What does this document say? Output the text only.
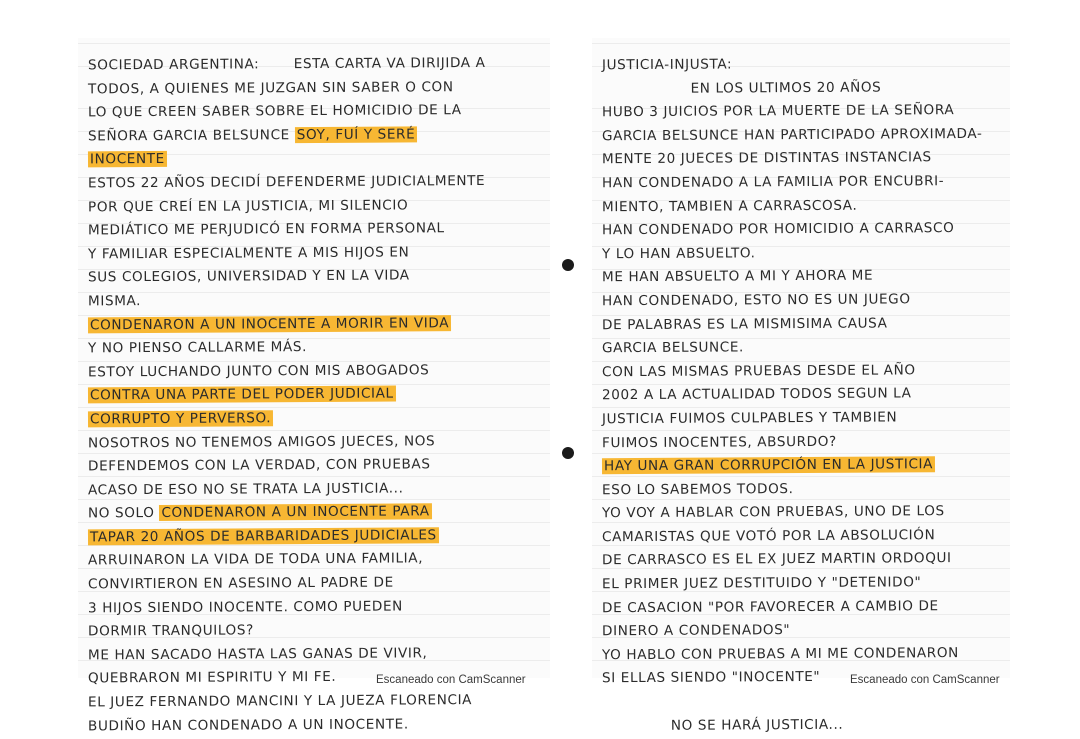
SOCIEDAD ARGENTINA:       ESTA CARTA VA DIRIJIDA A
TODOS, A QUIENES ME JUZGAN SIN SABER O CON
LO QUE CREEN SABER SOBRE EL HOMICIDIO DE LA
SEÑORA GARCIA BELSUNCE SOY, FUÍ Y SERÉ
INOCENTE
ESTOS 22 AÑOS DECIDÍ DEFENDERME JUDICIALMENTE
POR QUE CREÍ EN LA JUSTICIA, MI SILENCIO
MEDIÁTICO ME PERJUDICÓ EN FORMA PERSONAL
Y FAMILIAR ESPECIALMENTE A MIS HIJOS EN
SUS COLEGIOS, UNIVERSIDAD Y EN LA VIDA
MISMA.
CONDENARON A UN INOCENTE A MORIR EN VIDA
Y NO PIENSO CALLARME MÁS.
ESTOY LUCHANDO JUNTO CON MIS ABOGADOS
CONTRA UNA PARTE DEL PODER JUDICIAL
CORRUPTO Y PERVERSO.
NOSOTROS NO TENEMOS AMIGOS JUECES, NOS
DEFENDEMOS CON LA VERDAD, CON PRUEBAS
ACASO DE ESO NO SE TRATA LA JUSTICIA...
NO SOLO CONDENARON A UN INOCENTE PARA
TAPAR 20 AÑOS DE BARBARIDADES JUDICIALES
ARRUINARON LA VIDA DE TODA UNA FAMILIA,
CONVIRTIERON EN ASESINO AL PADRE DE
3 HIJOS SIENDO INOCENTE. COMO PUEDEN
DORMIR TRANQUILOS?
ME HAN SACADO HASTA LAS GANAS DE VIVIR,
QUEBRARON MI ESPIRITU Y MI FE.
EL JUEZ FERNANDO MANCINI Y LA JUEZA FLORENCIA
BUDIÑO HAN CONDENADO A UN INOCENTE.
JUSTICIA-INJUSTA:
EN LOS ULTIMOS 20 AÑOS
HUBO 3 JUICIOS POR LA MUERTE DE LA SEÑORA
GARCIA BELSUNCE HAN PARTICIPADO APROXIMADA-
MENTE 20 JUECES DE DISTINTAS INSTANCIAS
HAN CONDENADO A LA FAMILIA POR ENCUBRI-
MIENTO, TAMBIEN A CARRASCOSA.
HAN CONDENADO POR HOMICIDIO A CARRASCO
Y LO HAN ABSUELTO.
ME HAN ABSUELTO A MI Y AHORA ME
HAN CONDENADO, ESTO NO ES UN JUEGO
DE PALABRAS ES LA MISMISIMA CAUSA
GARCIA BELSUNCE.
CON LAS MISMAS PRUEBAS DESDE EL AÑO
2002 A LA ACTUALIDAD TODOS SEGUN LA
JUSTICIA FUIMOS CULPABLES Y TAMBIEN
FUIMOS INOCENTES, ABSURDO?
HAY UNA GRAN CORRUPCIÓN EN LA JUSTICIA
ESO LO SABEMOS TODOS.
YO VOY A HABLAR CON PRUEBAS, UNO DE LOS
CAMARISTAS QUE VOTÓ POR LA ABSOLUCIÓN
DE CARRASCO ES EL EX JUEZ MARTIN ORDOQUI
EL PRIMER JUEZ DESTITUIDO Y "DETENIDO"
DE CASACION "POR FAVORECER A CAMBIO DE
DINERO A CONDENADOS"
YO HABLO CON PRUEBAS A MI ME CONDENARON
SI ELLAS SIENDO "INOCENTE"
NO SE HARÁ JUSTICIA...
Escaneado con CamScanner	Escaneado con CamScanner
